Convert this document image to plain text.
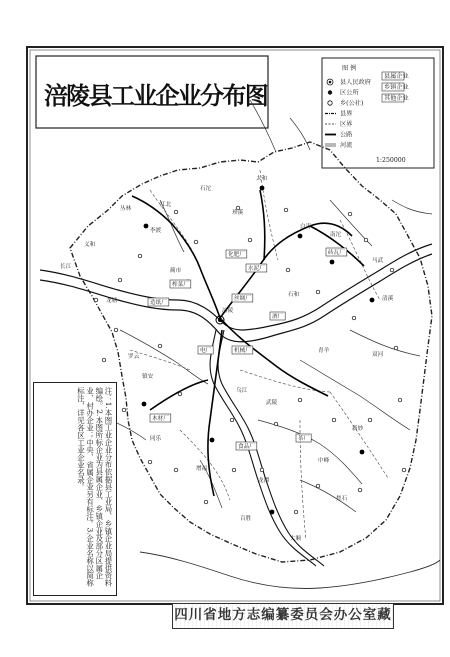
涪
陵
县
工
业
企
业
分
布
图
图 例
县人民政府
区公所
乡(公社)
县界
区界
公路
河流
县属企业
乡镇企业
其他企业
1:250000
长江
乌江
涪陵
白涛
李渡
龙潭
蔺市
马武
新妙
焦石
南沱
珍溪
清溪
江北
义和
石沱
罗云
同乐
百胜
大顺
增福
中峰
青羊
武陵
镇安
石和
龙塘
丛林
双河
太和
化肥厂
水泥厂
榨菜厂
丝绸厂
电厂	机械厂
造纸厂
酒厂
砖瓦厂
茶厂
食品厂
木材厂
注：1.本图工业企业分布依据县工业局、乡镇企业局提供资料编绘。2.本图所标企业为县属企业、乡镇企业及部分区属企业、村办企业；中央、省属企业另有标注。3.企业名称以简称标注，详见各区工业企业名录。
四川省地方志编纂委员会办公室藏
